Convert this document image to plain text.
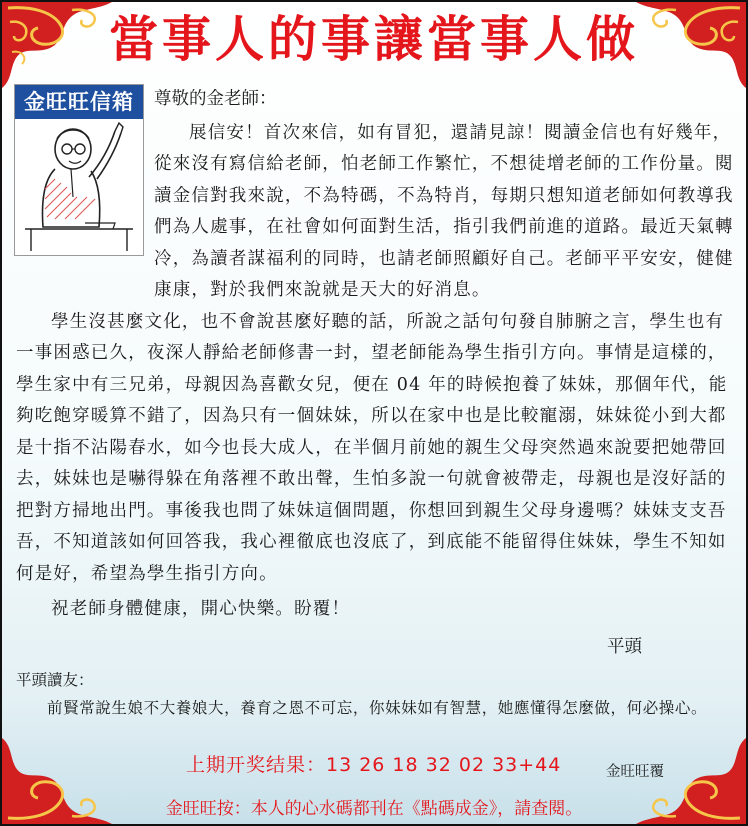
當事人的事讓當事人做
金旺旺信箱	尊敬的金老師：

展信安！首次來信，如有冒犯，還請見諒！閱讀金信也有好幾年，從來沒有寫信給老師，怕老師工作繁忙，不想徒增老師的工作份量。閱讀金信對我來說，不為特碼，不為特肖，每期只想知道老師如何教導我們為人處事，在社會如何面對生活，指引我們前進的道路。最近天氣轉冷，為讀者謀福利的同時，也請老師照顧好自己。老師平平安安，健健康康，對於我們來說就是天大的好消息。

學生沒甚麼文化，也不會說甚麼好聽的話，所說之話句句發自肺腑之言，學生也有一事困惑已久，夜深人靜給老師修書一封，望老師能為學生指引方向。事情是這樣的，學生家中有三兄弟，母親因為喜歡女兒，便在 04 年的時候抱養了妹妹，那個年代，能夠吃飽穿暖算不錯了，因為只有一個妹妹，所以在家中也是比較寵溺，妹妹從小到大都是十指不沾陽春水，如今也長大成人，在半個月前她的親生父母突然過來說要把她帶回去，妹妹也是嚇得躲在角落裡不敢出聲，生怕多說一句就會被帶走，母親也是沒好話的把對方掃地出門。事後我也問了妹妹這個問題，你想回到親生父母身邊嗎？妹妹支支吾吾，不知道該如何回答我，我心裡徹底也沒底了，到底能不能留得住妹妹，學生不知如何是好，希望為學生指引方向。

祝老師身體健康，開心快樂。盼覆！

平頭
平頭讀友：

前賢常說生娘不大養娘大，養育之恩不可忘，你妹妹如有智慧，她應懂得怎麼做，何必操心。

上期开奖结果：13 26 18 32 02 33+44	金旺旺覆
金旺旺按：本人的心水碼都刊在《點碼成金》，請查閱。
